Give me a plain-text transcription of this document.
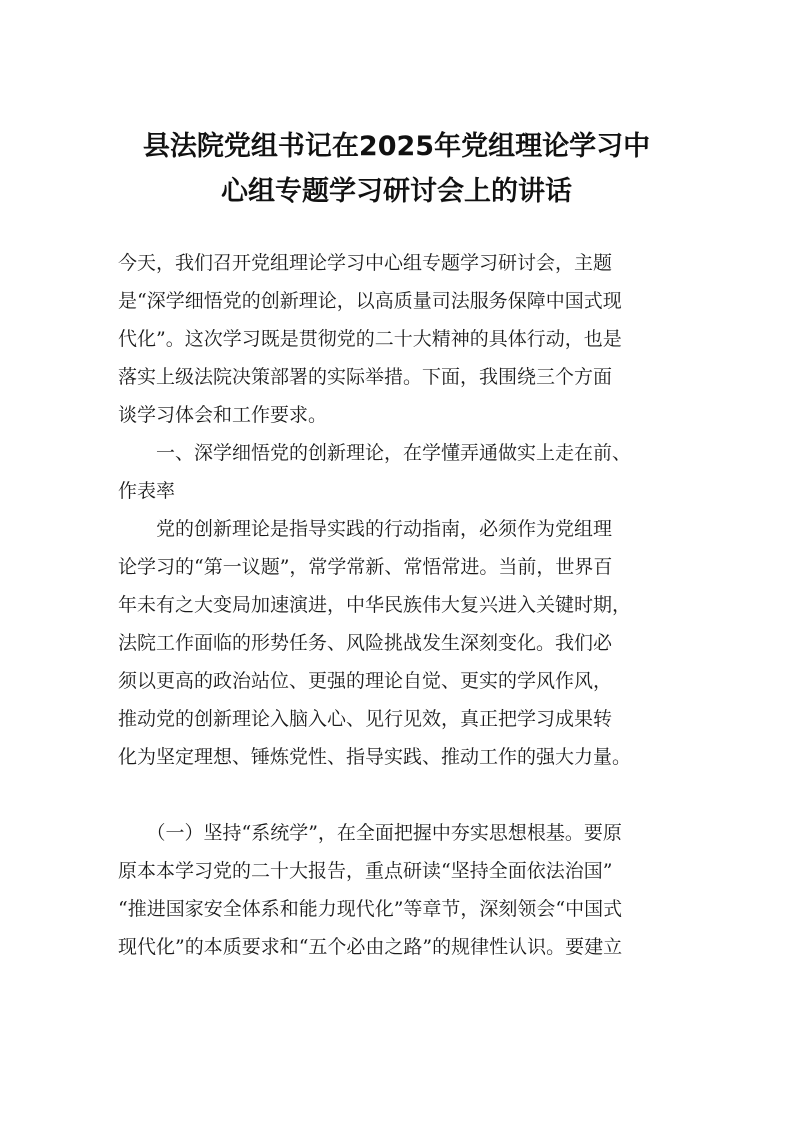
县法院党组书记在2025年党组理论学习中
心组专题学习研讨会上的讲话
今天，我们召开党组理论学习中心组专题学习研讨会，主题
是“深学细悟党的创新理论，以高质量司法服务保障中国式现
代化”。这次学习既是贯彻党的二十大精神的具体行动，也是
落实上级法院决策部署的实际举措。下面，我围绕三个方面
谈学习体会和工作要求。
　　一、深学细悟党的创新理论，在学懂弄通做实上走在前、
作表率
　　党的创新理论是指导实践的行动指南，必须作为党组理
论学习的“第一议题”，常学常新、常悟常进。当前，世界百
年未有之大变局加速演进，中华民族伟大复兴进入关键时期，
法院工作面临的形势任务、风险挑战发生深刻变化。我们必
须以更高的政治站位、更强的理论自觉、更实的学风作风，
推动党的创新理论入脑入心、见行见效，真正把学习成果转
化为坚定理想、锤炼党性、指导实践、推动工作的强大力量。
　　（一）坚持“系统学”，在全面把握中夯实思想根基。要原
原本本学习党的二十大报告，重点研读“坚持全面依法治国”
“推进国家安全体系和能力现代化”等章节，深刻领会“中国式
现代化”的本质要求和“五个必由之路”的规律性认识。要建立
